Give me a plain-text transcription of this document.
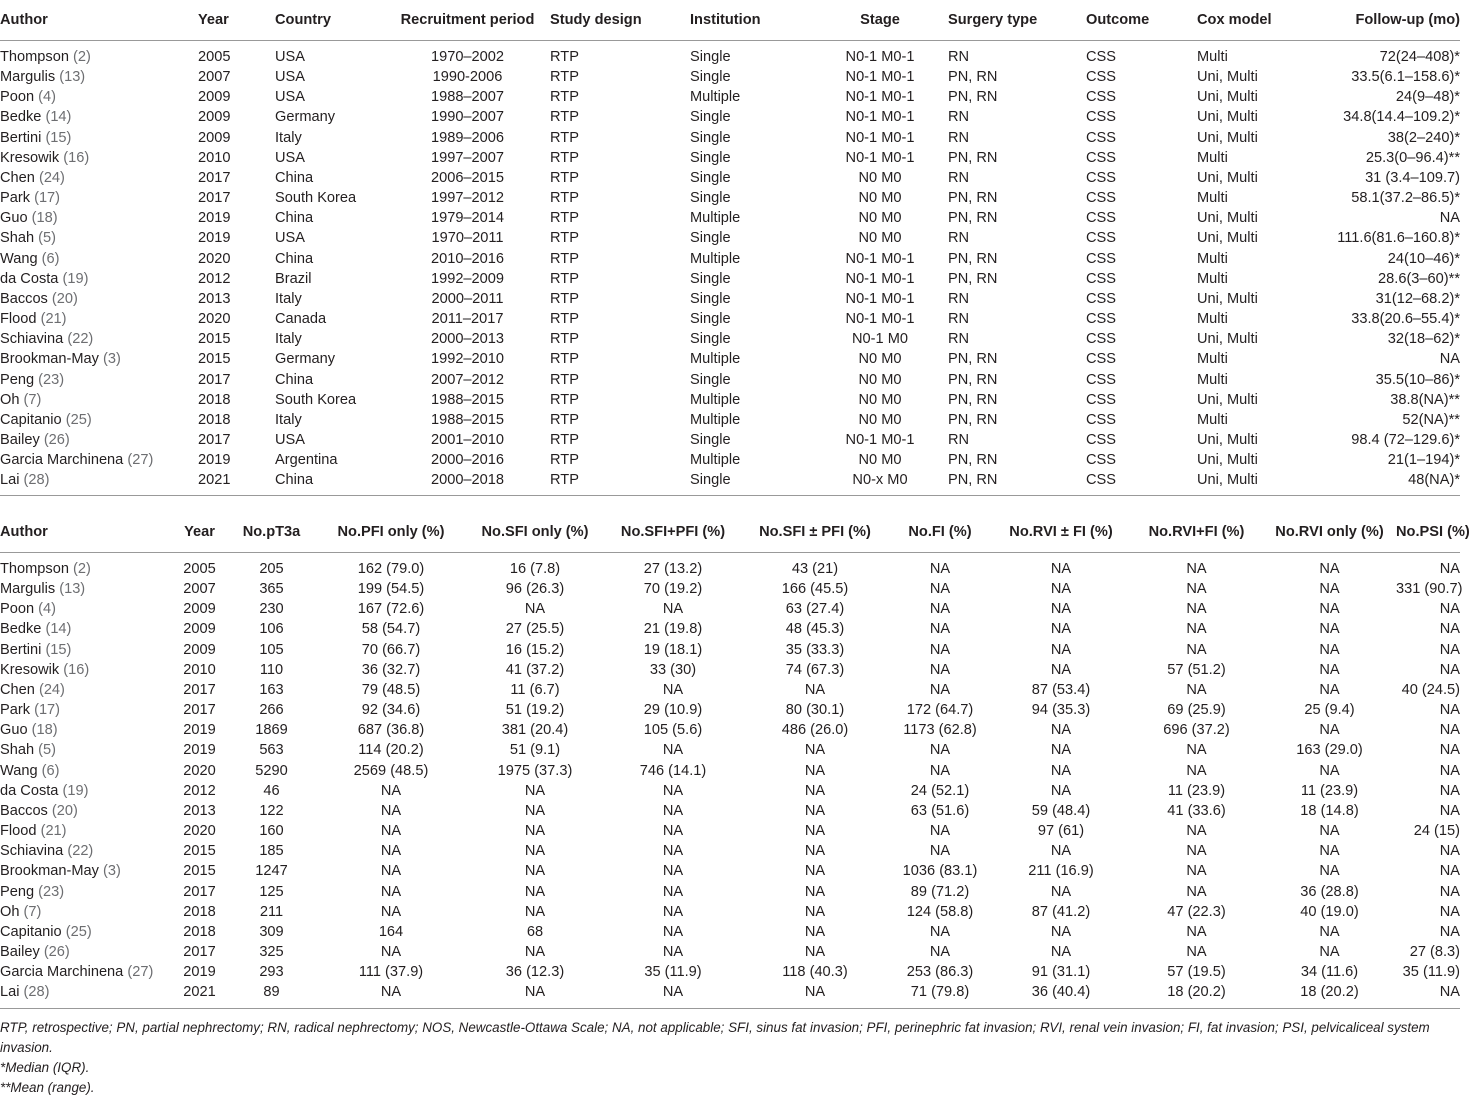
Author	Year	Country	Recruitment period	Study design	Institution	Stage	Surgery type	Outcome	Cox model	Follow-up (mo)
Thompson (2)	2005	USA	1970–2002	RTP	Single	N0-1 M0-1	RN	CSS	Multi	72(24–408)*
Margulis (13)	2007	USA	1990-2006	RTP	Single	N0-1 M0-1	PN, RN	CSS	Uni, Multi	33.5(6.1–158.6)*
Poon (4)	2009	USA	1988–2007	RTP	Multiple	N0-1 M0-1	PN, RN	CSS	Uni, Multi	24(9–48)*
Bedke (14)	2009	Germany	1990–2007	RTP	Single	N0-1 M0-1	RN	CSS	Uni, Multi	34.8(14.4–109.2)*
Bertini (15)	2009	Italy	1989–2006	RTP	Single	N0-1 M0-1	RN	CSS	Uni, Multi	38(2–240)*
Kresowik (16)	2010	USA	1997–2007	RTP	Single	N0-1 M0-1	PN, RN	CSS	Multi	25.3(0–96.4)**
Chen (24)	2017	China	2006–2015	RTP	Single	N0 M0	RN	CSS	Uni, Multi	31 (3.4–109.7)
Park (17)	2017	South Korea	1997–2012	RTP	Single	N0 M0	PN, RN	CSS	Multi	58.1(37.2–86.5)*
Guo (18)	2019	China	1979–2014	RTP	Multiple	N0 M0	PN, RN	CSS	Uni, Multi	NA
Shah (5)	2019	USA	1970–2011	RTP	Single	N0 M0	RN	CSS	Uni, Multi	111.6(81.6–160.8)*
Wang (6)	2020	China	2010–2016	RTP	Multiple	N0-1 M0-1	PN, RN	CSS	Multi	24(10–46)*
da Costa (19)	2012	Brazil	1992–2009	RTP	Single	N0-1 M0-1	PN, RN	CSS	Multi	28.6(3–60)**
Baccos (20)	2013	Italy	2000–2011	RTP	Single	N0-1 M0-1	RN	CSS	Uni, Multi	31(12–68.2)*
Flood (21)	2020	Canada	2011–2017	RTP	Single	N0-1 M0-1	RN	CSS	Multi	33.8(20.6–55.4)*
Schiavina (22)	2015	Italy	2000–2013	RTP	Single	N0-1 M0	RN	CSS	Uni, Multi	32(18–62)*
Brookman-May (3)	2015	Germany	1992–2010	RTP	Multiple	N0 M0	PN, RN	CSS	Multi	NA
Peng (23)	2017	China	2007–2012	RTP	Single	N0 M0	PN, RN	CSS	Multi	35.5(10–86)*
Oh (7)	2018	South Korea	1988–2015	RTP	Multiple	N0 M0	PN, RN	CSS	Uni, Multi	38.8(NA)**
Capitanio (25)	2018	Italy	1988–2015	RTP	Multiple	N0 M0	PN, RN	CSS	Multi	52(NA)**
Bailey (26)	2017	USA	2001–2010	RTP	Single	N0-1 M0-1	RN	CSS	Uni, Multi	98.4 (72–129.6)*
Garcia Marchinena (27)	2019	Argentina	2000–2016	RTP	Multiple	N0 M0	PN, RN	CSS	Uni, Multi	21(1–194)*
Lai (28)	2021	China	2000–2018	RTP	Single	N0-x M0	PN, RN	CSS	Uni, Multi	48(NA)*
Author	Year	No.pT3a	No.PFI only (%)	No.SFI only (%)	No.SFI+PFI (%)	No.SFI ± PFI (%)	No.FI (%)	No.RVI ± FI (%)	No.RVI+FI (%)	No.RVI only (%)	No.PSI (%)
Thompson (2)	2005	205	162 (79.0)	16 (7.8)	27 (13.2)	43 (21)	NA	NA	NA	NA	NA
Margulis (13)	2007	365	199 (54.5)	96 (26.3)	70 (19.2)	166 (45.5)	NA	NA	NA	NA	331 (90.7)
Poon (4)	2009	230	167 (72.6)	NA	NA	63 (27.4)	NA	NA	NA	NA	NA
Bedke (14)	2009	106	58 (54.7)	27 (25.5)	21 (19.8)	48 (45.3)	NA	NA	NA	NA	NA
Bertini (15)	2009	105	70 (66.7)	16 (15.2)	19 (18.1)	35 (33.3)	NA	NA	NA	NA	NA
Kresowik (16)	2010	110	36 (32.7)	41 (37.2)	33 (30)	74 (67.3)	NA	NA	57 (51.2)	NA	NA
Chen (24)	2017	163	79 (48.5)	11 (6.7)	NA	NA	NA	87 (53.4)	NA	NA	40 (24.5)
Park (17)	2017	266	92 (34.6)	51 (19.2)	29 (10.9)	80 (30.1)	172 (64.7)	94 (35.3)	69 (25.9)	25 (9.4)	NA
Guo (18)	2019	1869	687 (36.8)	381 (20.4)	105 (5.6)	486 (26.0)	1173 (62.8)	NA	696 (37.2)	NA	NA
Shah (5)	2019	563	114 (20.2)	51 (9.1)	NA	NA	NA	NA	NA	163 (29.0)	NA
Wang (6)	2020	5290	2569 (48.5)	1975 (37.3)	746 (14.1)	NA	NA	NA	NA	NA	NA
da Costa (19)	2012	46	NA	NA	NA	NA	24 (52.1)	NA	11 (23.9)	11 (23.9)	NA
Baccos (20)	2013	122	NA	NA	NA	NA	63 (51.6)	59 (48.4)	41 (33.6)	18 (14.8)	NA
Flood (21)	2020	160	NA	NA	NA	NA	NA	97 (61)	NA	NA	24 (15)
Schiavina (22)	2015	185	NA	NA	NA	NA	NA	NA	NA	NA	NA
Brookman-May (3)	2015	1247	NA	NA	NA	NA	1036 (83.1)	211 (16.9)	NA	NA	NA
Peng (23)	2017	125	NA	NA	NA	NA	89 (71.2)	NA	NA	36 (28.8)	NA
Oh (7)	2018	211	NA	NA	NA	NA	124 (58.8)	87 (41.2)	47 (22.3)	40 (19.0)	NA
Capitanio (25)	2018	309	164	68	NA	NA	NA	NA	NA	NA	NA
Bailey (26)	2017	325	NA	NA	NA	NA	NA	NA	NA	NA	27 (8.3)
Garcia Marchinena (27)	2019	293	111 (37.9)	36 (12.3)	35 (11.9)	118 (40.3)	253 (86.3)	91 (31.1)	57 (19.5)	34 (11.6)	35 (11.9)
Lai (28)	2021	89	NA	NA	NA	NA	71 (79.8)	36 (40.4)	18 (20.2)	18 (20.2)	NA

RTP, retrospective; PN, partial nephrectomy; RN, radical nephrectomy; NOS, Newcastle-Ottawa Scale; NA, not applicable; SFI, sinus fat invasion; PFI, perinephric fat invasion; RVI, renal vein invasion; FI, fat invasion; PSI, pelvicaliceal system invasion.

*Median (IQR).

**Mean (range).
